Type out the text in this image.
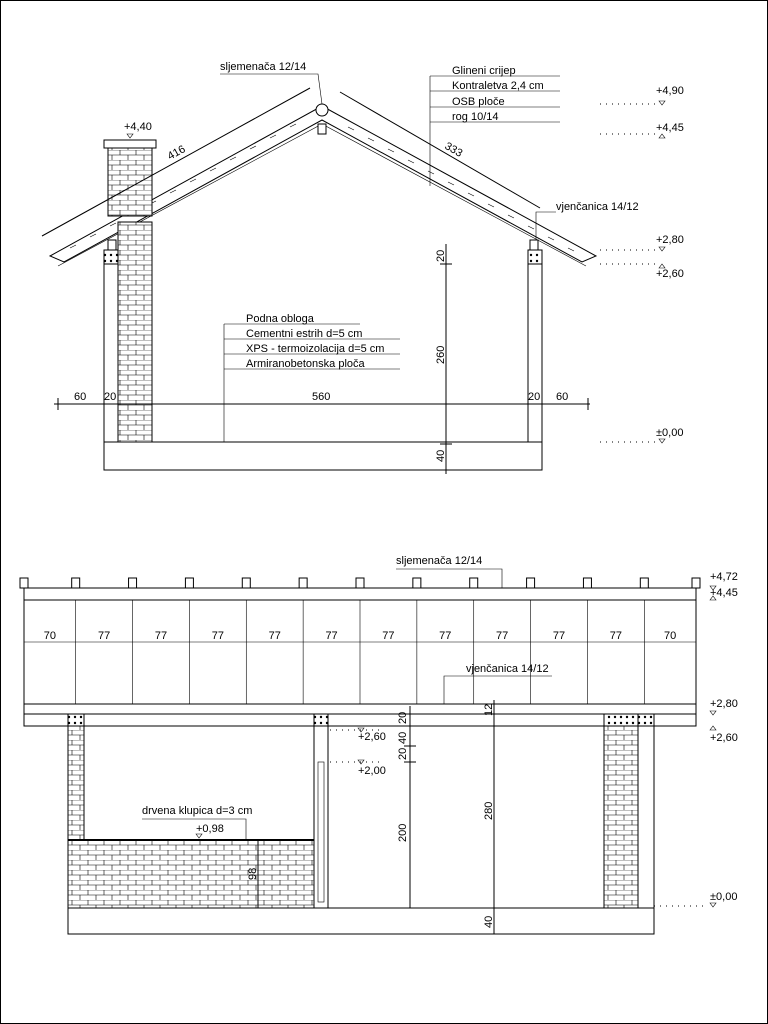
416	333
sljemenača 12/14	Glineni crijep
Kontraletva 2,4 cm
OSB ploče
rog 10/14
vjenčanica 14/12
Podna obloga
Cementni estrih d=5 cm
XPS - termoizolacija d=5 cm
Armiranobetonska ploča
20
260
40
60 20	560	20 60
+4,40
+4,90
+4,45
+2,80
+2,60
±0,00
70	77	77	77	77	77	77	77	77	77	77	70
sljemenača 12/14
vjenčanica 14/12
drvena klupica d=3 cm
+0,98
98
20
40
20
200
12
280
40
+2,60
+2,00
+4,72
+4,45
+2,80
+2,60
±0,00
